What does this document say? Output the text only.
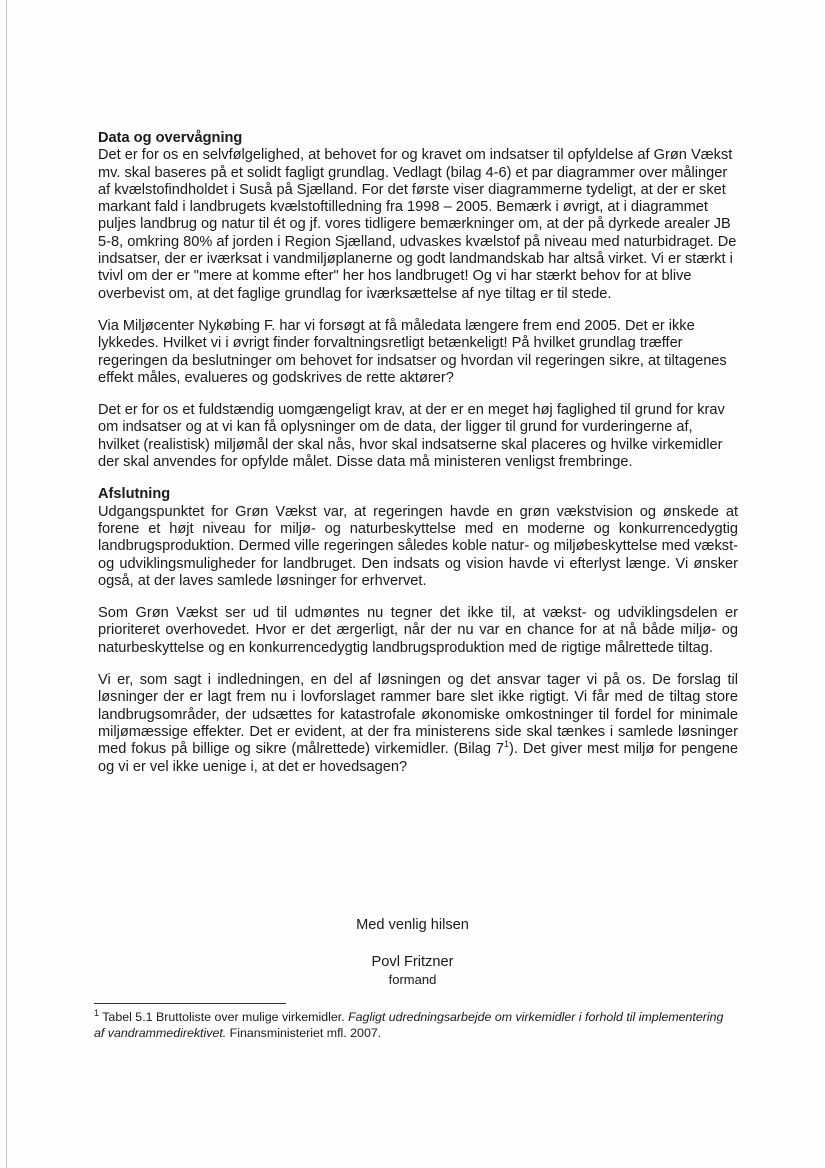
Data og overvågning

Det er for os en selvfølgelighed, at behovet for og kravet om indsatser til opfyldelse af Grøn Vækst mv. skal baseres på et solidt fagligt grundlag. Vedlagt (bilag 4-6) et par diagrammer over målinger af kvælstofindholdet i Suså på Sjælland. For det første viser diagrammerne tydeligt, at der er sket markant fald i landbrugets kvælstoftilledning fra 1998 – 2005. Bemærk i øvrigt, at i diagrammet puljes landbrug og natur til ét og jf. vores tidligere bemærkninger om, at der på dyrkede arealer JB 5-8, omkring 80% af jorden i Region Sjælland, udvaskes kvælstof på niveau med naturbidraget. De indsatser, der er iværksat i vandmiljøplanerne og godt landmandskab har altså virket. Vi er stærkt i tvivl om der er "mere at komme efter" her hos landbruget! Og vi har stærkt behov for at blive overbevist om, at det faglige grundlag for iværksættelse af nye tiltag er til stede.

Via Miljøcenter Nykøbing F. har vi forsøgt at få måledata længere frem end 2005. Det er ikke lykkedes. Hvilket vi i øvrigt finder forvaltningsretligt betænkeligt! På hvilket grundlag træffer regeringen da beslutninger om behovet for indsatser og hvordan vil regeringen sikre, at tiltagenes effekt måles, evalueres og godskrives de rette aktører?

Det er for os et fuldstændig uomgængeligt krav, at der er en meget høj faglighed til grund for krav om indsatser og at vi kan få oplysninger om de data, der ligger til grund for vurderingerne af, hvilket (realistisk) miljømål der skal nås, hvor skal indsatserne skal placeres og hvilke virkemidler der skal anvendes for opfylde målet. Disse data må ministeren venligst frembringe.

Afslutning

Udgangspunktet for Grøn Vækst var, at regeringen havde en grøn vækstvision og ønskede at forene et højt niveau for miljø- og naturbeskyttelse med en moderne og konkurrencedygtig landbrugsproduktion. Dermed ville regeringen således koble natur- og miljøbeskyttelse med vækst- og udviklingsmuligheder for landbruget. Den indsats og vision havde vi efterlyst længe. Vi ønsker også, at der laves samlede løsninger for erhvervet.

Som Grøn Vækst ser ud til udmøntes nu tegner det ikke til, at vækst- og udviklingsdelen er prioriteret overhovedet. Hvor er det ærgerligt, når der nu var en chance for at nå både miljø- og naturbeskyttelse og en konkurrencedygtig landbrugsproduktion med de rigtige målrettede tiltag.

Vi er, som sagt i indledningen, en del af løsningen og det ansvar tager vi på os. De forslag til løsninger der er lagt frem nu i lovforslaget rammer bare slet ikke rigtigt. Vi får med de tiltag store landbrugsområder, der udsættes for katastrofale økonomiske omkostninger til fordel for minimale miljømæssige effekter. Det er evident, at der fra ministerens side skal tænkes i samlede løsninger med fokus på billige og sikre (målrettede) virkemidler. (Bilag $7^1$). Det giver mest miljø for pengene og vi er vel ikke uenige i, at det er hovedsagen?

Med venlig hilsen
Povl Fritzner
formand
$^1$ Tabel 5.1 Bruttoliste over mulige virkemidler. Fagligt udredningsarbejde om virkemidler i forhold til implementering af vandrammedirektivet. Finansministeriet mfl. 2007.
